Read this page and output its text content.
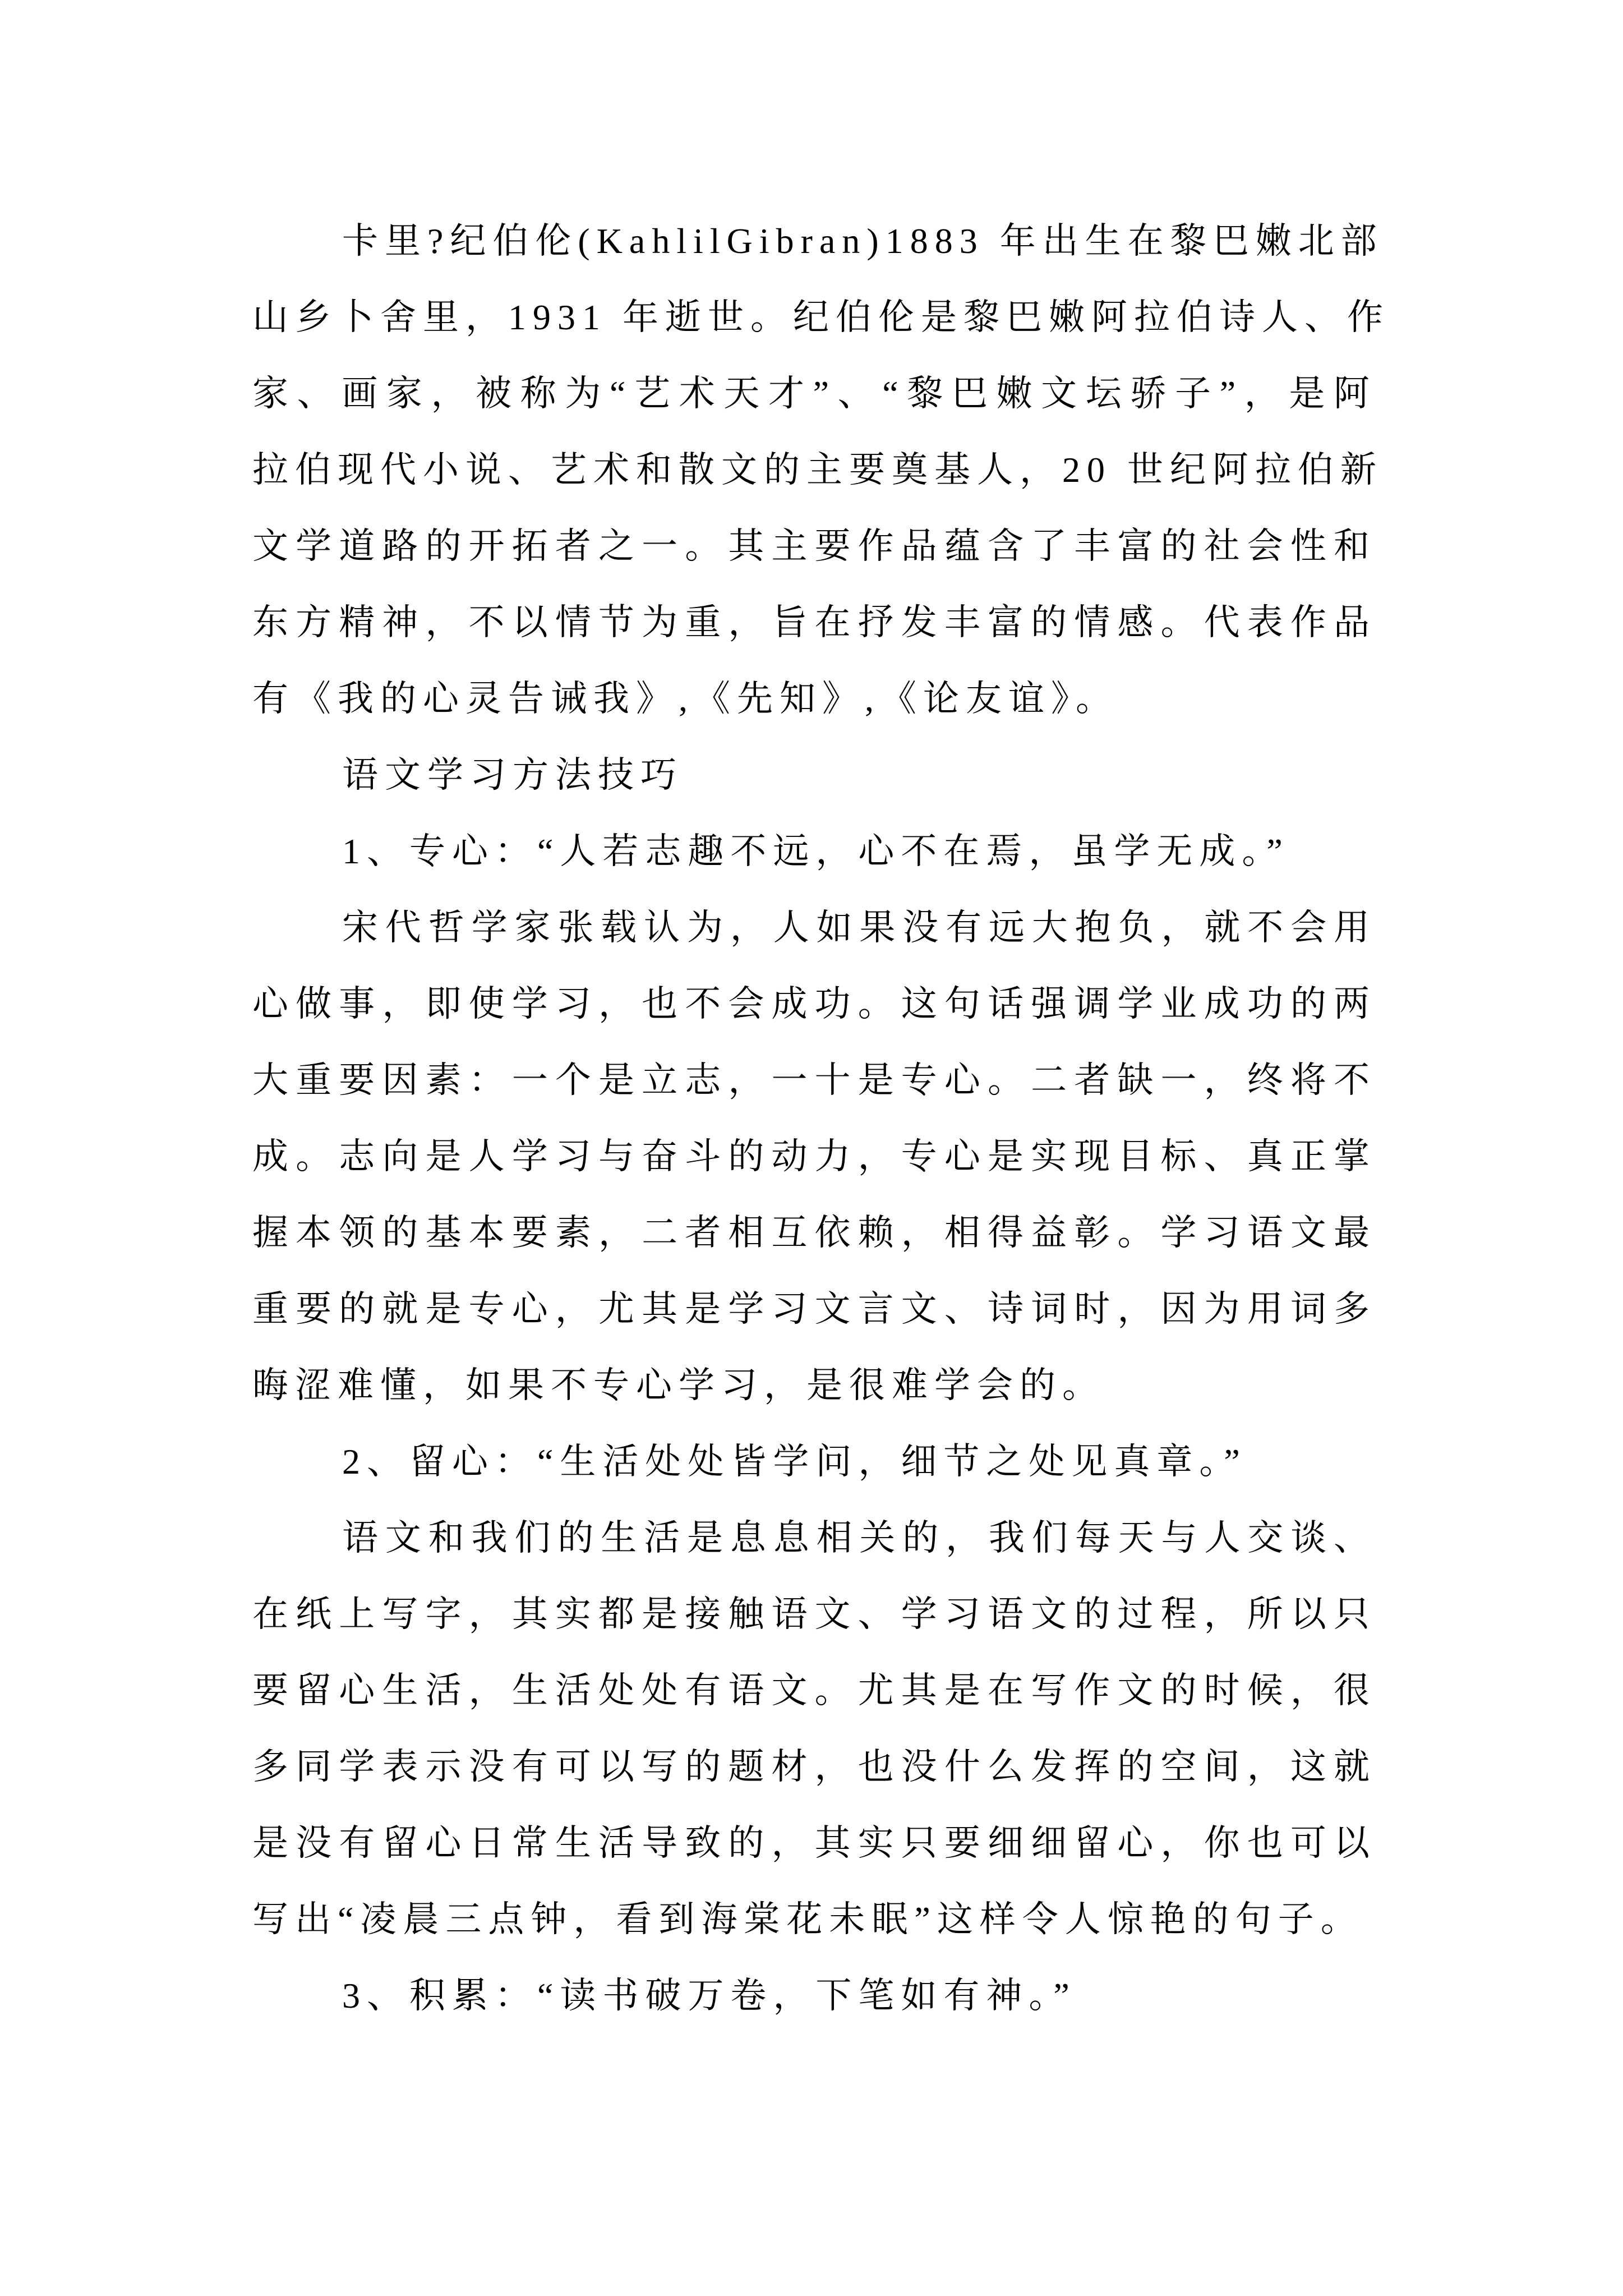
卡里?纪伯伦(KahlilGibran)1883 年出生在黎巴嫩北部
山乡卜舍里，1931 年逝世。纪伯伦是黎巴嫩阿拉伯诗人、作
家、画家，被称为“艺术天才”、“黎巴嫩文坛骄子”，是阿
拉伯现代小说、艺术和散文的主要奠基人，20 世纪阿拉伯新
文学道路的开拓者之一。其主要作品蕴含了丰富的社会性和
东方精神，不以情节为重，旨在抒发丰富的情感。代表作品
有《我的心灵告诫我》,《先知》,《论友谊》。
语文学习方法技巧
1、专心：“人若志趣不远，心不在焉，虽学无成。”
宋代哲学家张载认为，人如果没有远大抱负，就不会用
心做事，即使学习，也不会成功。这句话强调学业成功的两
大重要因素：一个是立志，一十是专心。二者缺一，终将不
成。志向是人学习与奋斗的动力，专心是实现目标、真正掌
握本领的基本要素，二者相互依赖，相得益彰。学习语文最
重要的就是专心，尤其是学习文言文、诗词时，因为用词多
晦涩难懂，如果不专心学习，是很难学会的。
2、留心：“生活处处皆学问，细节之处见真章。”
语文和我们的生活是息息相关的，我们每天与人交谈、
在纸上写字，其实都是接触语文、学习语文的过程，所以只
要留心生活，生活处处有语文。尤其是在写作文的时候，很
多同学表示没有可以写的题材，也没什么发挥的空间，这就
是没有留心日常生活导致的，其实只要细细留心，你也可以
写出“凌晨三点钟，看到海棠花未眠”这样令人惊艳的句子。
3、积累：“读书破万卷，下笔如有神。”
